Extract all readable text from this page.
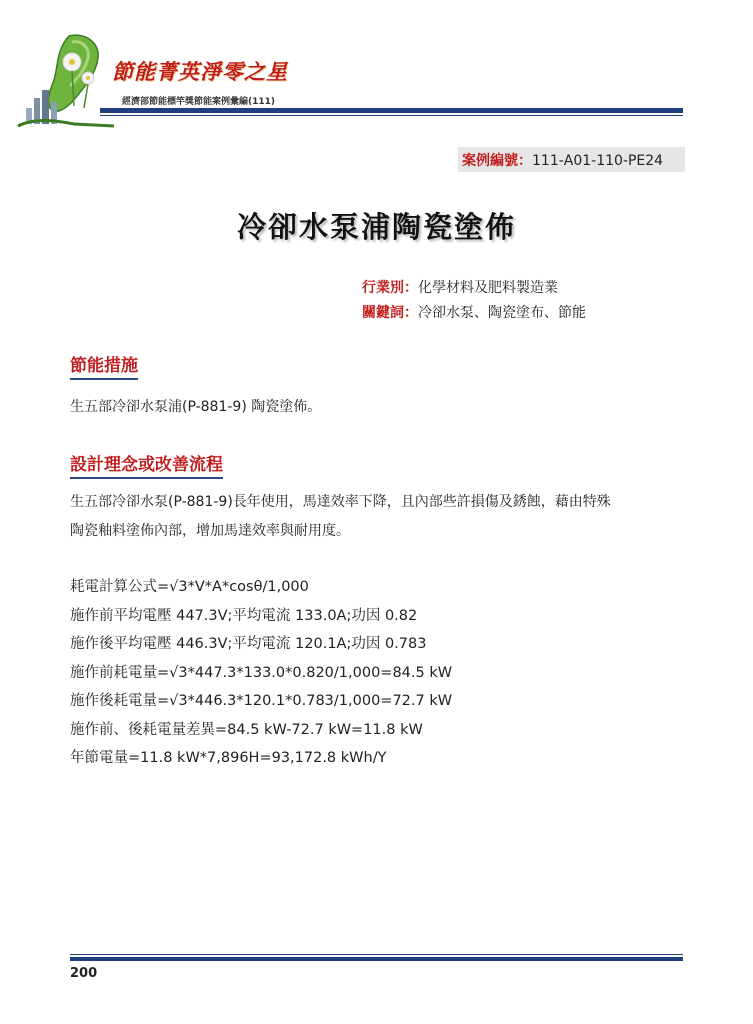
節能菁英淨零之星
經濟部節能標竿獎節能案例彙編(111)
案例編號：111-A01-110-PE24
冷卻水泵浦陶瓷塗佈
行業別：化學材料及肥料製造業
關鍵詞：冷卻水泵、陶瓷塗布、節能
節能措施
生五部冷卻水泵浦(P-881-9) 陶瓷塗佈。
設計理念或改善流程
生五部冷卻水泵(P-881-9)長年使用，馬達效率下降，且內部些許損傷及銹蝕，藉由特殊
陶瓷釉料塗佈內部，增加馬達效率與耐用度。
耗電計算公式=√3*V*A*cosθ/1,000
施作前平均電壓 447.3V;平均電流 133.0A;功因 0.82
施作後平均電壓 446.3V;平均電流 120.1A;功因 0.783
施作前耗電量=√3*447.3*133.0*0.820/1,000=84.5 kW
施作後耗電量=√3*446.3*120.1*0.783/1,000=72.7 kW
施作前、後耗電量差異=84.5 kW-72.7 kW=11.8 kW
年節電量=11.8 kW*7,896H=93,172.8 kWh/Y
200
